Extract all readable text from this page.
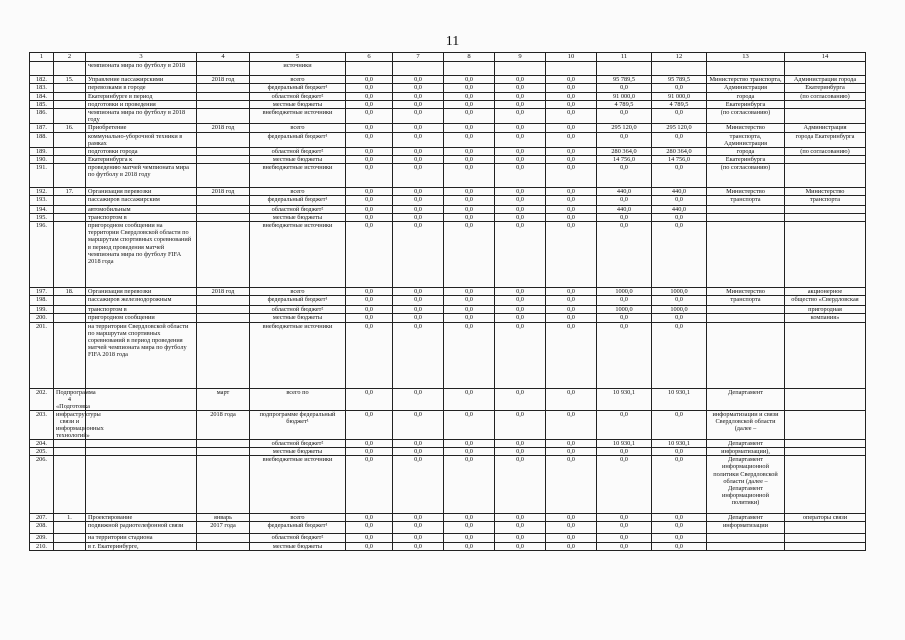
11
1	2	3	4	5	6	7	8	9	10	11	12	13	14
		чемпионата мира по футболу в 2018		источники									
182.	15.	Управление пассажирскими	2018 год	всего	0,0	0,0	0,0	0,0	0,0	95 789,5	95 789,5	Министерство транспорта,	Администрация города
183.		перевозками в городе		федеральный бюджет¹	0,0	0,0	0,0	0,0	0,0	0,0	0,0	Администрация	Екатеринбурга
184.		Екатеринбурге в период		областной бюджет²	0,0	0,0	0,0	0,0	0,0	91 000,0	91 000,0	города	(по согласованию)
185.		подготовки и проведения		местные бюджеты	0,0	0,0	0,0	0,0	0,0	4 789,5	4 789,5	Екатеринбурга	
186.		чемпионата мира по футболу в 2018 году		внебюджетные источники	0,0	0,0	0,0	0,0	0,0	0,0	0,0	(по согласованию)	
187.	16.	Приобретение	2018 год	всего	0,0	0,0	0,0	0,0	0,0	295 120,0	295 120,0	Министерство	Администрация
188.		коммунально-уборочной техники в рамках		федеральный бюджет¹	0,0	0,0	0,0	0,0	0,0	0,0	0,0	транспорта, Администрация	города Екатеринбурга
189.		подготовки города		областной бюджет²	0,0	0,0	0,0	0,0	0,0	280 364,0	280 364,0	города	(по согласованию)
190.		Екатеринбурга к		местные бюджеты	0,0	0,0	0,0	0,0	0,0	14 756,0	14 756,0	Екатеринбурга	
191.		проведению матчей чемпионата мира по футболу в 2018 году		внебюджетные источники	0,0	0,0	0,0	0,0	0,0	0,0	0,0	(по согласованию)	
192.	17.	Организация перевозки	2018 год	всего	0,0	0,0	0,0	0,0	0,0	440,0	440,0	Министерство	Министерство
193.		пассажиров пассажирским		федеральный бюджет¹	0,0	0,0	0,0	0,0	0,0	0,0	0,0	транспорта	транспорта
194.		автомобильным		областной бюджет²	0,0	0,0	0,0	0,0	0,0	440,0	440,0		
195.		транспортом в		местные бюджеты	0,0	0,0	0,0	0,0	0,0	0,0	0,0		
196.		пригородном сообщении на территории Свердловской области по маршрутам спортивных соревнований в период проведения матчей чемпионата мира по футболу FIFA 2018 года		внебюджетные источники	0,0	0,0	0,0	0,0	0,0	0,0	0,0		
197.	18.	Организация перевозки	2018 год	всего	0,0	0,0	0,0	0,0	0,0	1000,0	1000,0	Министерство	акционерное
198.		пассажиров железнодорожным		федеральный бюджет¹	0,0	0,0	0,0	0,0	0,0	0,0	0,0	транспорта	общество «Свердловская
199.		транспортом в		областной бюджет²	0,0	0,0	0,0	0,0	0,0	1000,0	1000,0		пригородная
200.		пригородном сообщении		местные бюджеты	0,0	0,0	0,0	0,0	0,0	0,0	0,0		компания»
201.		на территории Свердловской области по маршрутам спортивных соревнований в период проведения матчей чемпионата мира по футболу FIFA 2018 года		внебюджетные источники	0,0	0,0	0,0	0,0	0,0	0,0	0,0		
202.	Подпрограмма 4 «Подготовка		март	всего по	0,0	0,0	0,0	0,0	0,0	10 930,1	10 930,1	Департамент	
203.	инфраструктуры связи и информационных технологий»		2018 года	подпрограмме федеральный бюджет¹	0,0	0,0	0,0	0,0	0,0	0,0	0,0	информатизации и связи Свердловской области (далее –	
204.				областной бюджет²	0,0	0,0	0,0	0,0	0,0	10 930,1	10 930,1	Департамент	
205.				местные бюджеты	0,0	0,0	0,0	0,0	0,0	0,0	0,0	информатизации),	
206.				внебюджетные источники	0,0	0,0	0,0	0,0	0,0	0,0	0,0	Департамент информационной политики Свердловской области (далее – Департамент информационной политики)	
207.	1.	Проектирование	январь	всего	0,0	0,0	0,0	0,0	0,0	0,0	0,0	Департамент	операторы связи
208.		подвижной радиотелефонной связи	2017 года	федеральный бюджет¹	0,0	0,0	0,0	0,0	0,0	0,0	0,0	информатизации	
209.		на территории стадиона		областной бюджет²	0,0	0,0	0,0	0,0	0,0	0,0	0,0		
210.		в г. Екатеринбурге,		местные бюджеты	0,0	0,0	0,0	0,0	0,0	0,0	0,0		
